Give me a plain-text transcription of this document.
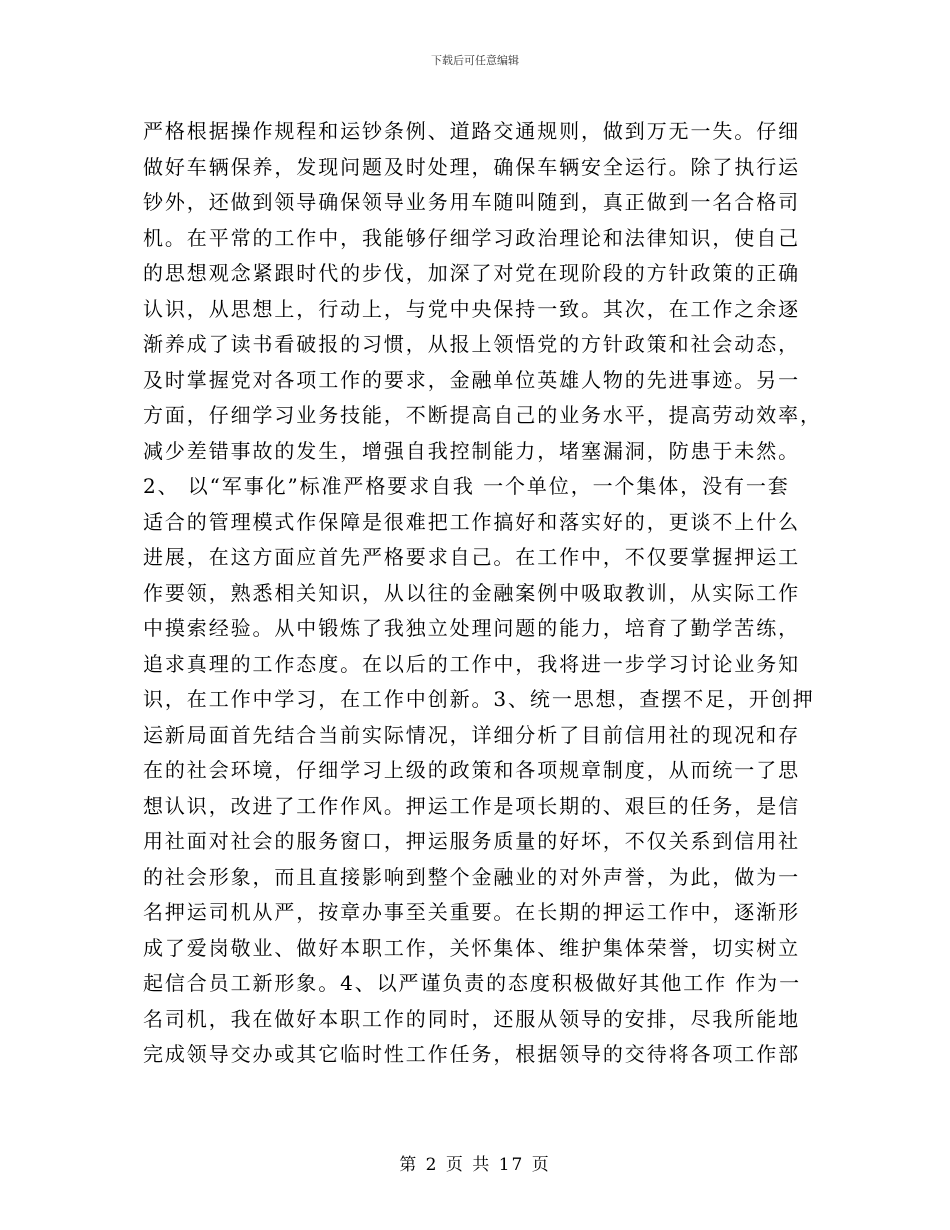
下载后可任意编辑
严格根据操作规程和运钞条例、道路交通规则，做到万无一失。仔细
做好车辆保养，发现问题及时处理，确保车辆安全运行。除了执行运
钞外，还做到领导确保领导业务用车随叫随到，真正做到一名合格司
机。在平常的工作中，我能够仔细学习政治理论和法律知识，使自己
的思想观念紧跟时代的步伐，加深了对党在现阶段的方针政策的正确
认识，从思想上，行动上，与党中央保持一致。其次，在工作之余逐
渐养成了读书看破报的习惯，从报上领悟党的方针政策和社会动态，
及时掌握党对各项工作的要求，金融单位英雄人物的先进事迹。另一
方面，仔细学习业务技能，不断提高自己的业务水平，提高劳动效率，
减少差错事故的发生，增强自我控制能力，堵塞漏洞，防患于未然。
2、 以“军事化”标准严格要求自我 一个单位，一个集体，没有一套
适合的管理模式作保障是很难把工作搞好和落实好的，更谈不上什么
进展，在这方面应首先严格要求自己。在工作中，不仅要掌握押运工
作要领，熟悉相关知识，从以往的金融案例中吸取教训，从实际工作
中摸索经验。从中锻炼了我独立处理问题的能力，培育了勤学苦练，
追求真理的工作态度。在以后的工作中，我将进一步学习讨论业务知
识，在工作中学习，在工作中创新。3、统一思想，查摆不足，开创押
运新局面首先结合当前实际情况，详细分析了目前信用社的现况和存
在的社会环境，仔细学习上级的政策和各项规章制度，从而统一了思
想认识，改进了工作作风。押运工作是项长期的、艰巨的任务，是信
用社面对社会的服务窗口，押运服务质量的好坏，不仅关系到信用社
的社会形象，而且直接影响到整个金融业的对外声誉，为此，做为一
名押运司机从严，按章办事至关重要。在长期的押运工作中，逐渐形
成了爱岗敬业、做好本职工作，关怀集体、维护集体荣誉，切实树立
起信合员工新形象。4、以严谨负责的态度积极做好其他工作 作为一
名司机，我在做好本职工作的同时，还服从领导的安排，尽我所能地
完成领导交办或其它临时性工作任务，根据领导的交待将各项工作部
第 2 页 共 17 页
